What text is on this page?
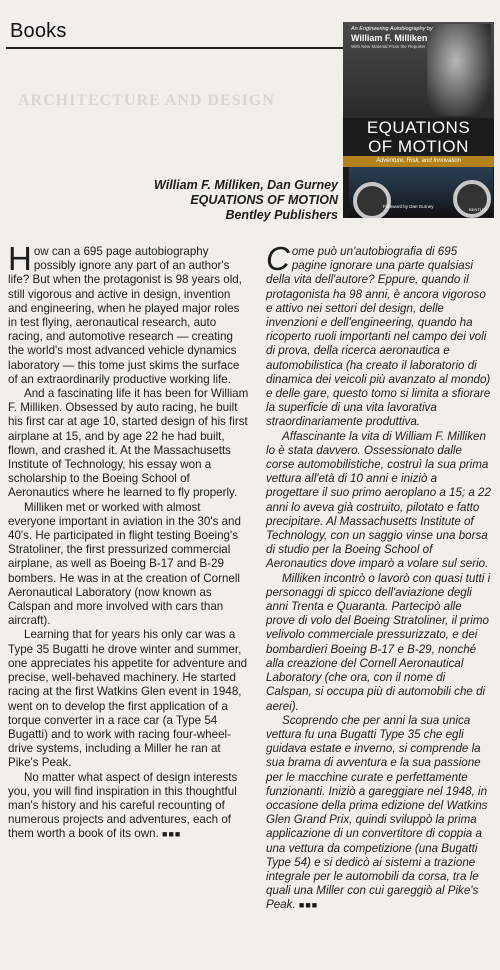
Books
ARCHITECTURE AND DESIGN
William F. Milliken, Dan Gurney
EQUATIONS OF MOTION
Bentley Publishers
An Engineering Autobiography by
William F. Milliken
With New Material From the Reporter
EQUATIONS
OF MOTION
Adventure, Risk, and Innovation
Foreword by Dan Gurney
BENTLEY

How can a 695 page autobiography possibly ignore any part of an author's life? But when the protagonist is 98 years old, still vigorous and active in design, invention and engineering, when he played major roles in test flying, aeronautical research, auto racing, and automotive research — creating the world's most advanced vehicle dynamics laboratory — this tome just skims the surface of an extraordinarily productive working life.

And a fascinating life it has been for William F. Milliken. Obsessed by auto racing, he built his first car at age 10, started design of his first airplane at 15, and by age 22 he had built, flown, and crashed it. At the Massachusetts Institute of Technology, his essay won a scholarship to the Boeing School of Aeronautics where he learned to fly properly.

Milliken met or worked with almost everyone important in aviation in the 30's and 40's. He participated in flight testing Boeing's Stratoliner, the first pressurized commercial airplane, as well as Boeing B-17 and B-29 bombers. He was in at the creation of Cornell Aeronautical Laboratory (now known as Calspan and more involved with cars than aircraft).

Learning that for years his only car was a Type 35 Bugatti he drove winter and summer, one appreciates his appetite for adventure and precise, well-behaved machinery. He started racing at the first Watkins Glen event in 1948, went on to develop the first application of a torque converter in a race car (a Type 54 Bugatti) and to work with racing four-wheel-drive systems, including a Miller he ran at Pike's Peak.

No matter what aspect of design interests you, you will find inspiration in this thoughtful man's history and his careful recounting of numerous projects and adventures, each of them worth a book of its own. ■■■

Come può un'autobiografia di 695 pagine ignorare una parte qualsiasi della vita dell'autore? Eppure, quando il protagonista ha 98 anni, è ancora vigoroso e attivo nei settori del design, delle invenzioni e dell'engineering, quando ha ricoperto ruoli importanti nel campo dei voli di prova, della ricerca aeronautica e automobilistica (ha creato il laboratorio di dinamica dei veicoli più avanzato al mondo) e delle gare, questo tomo si limita a sfiorare la superficie di una vita lavorativa straordinariamente produttiva.

Affascinante la vita di William F. Milliken lo è stata davvero. Ossessionato dalle corse automobilistiche, costruì la sua prima vettura all'età di 10 anni e iniziò a progettare il suo primo aeroplano a 15; a 22 anni lo aveva già costruito, pilotato e fatto precipitare. Al Massachusetts Institute of Technology, con un saggio vinse una borsa di studio per la Boeing School of Aeronautics dove imparò a volare sul serio.

Milliken incontrò o lavorò con quasi tutti i personaggi di spicco dell'aviazione degli anni Trenta e Quaranta. Partecipò alle prove di volo del Boeing Stratoliner, il primo velivolo commerciale pressurizzato, e dei bombardieri Boeing B-17 e B-29, nonché alla creazione del Cornell Aeronautical Laboratory (che ora, con il nome di Calspan, si occupa più di automobili che di aerei).

Scoprendo che per anni la sua unica vettura fu una Bugatti Type 35 che egli guidava estate e inverno, si comprende la sua brama di avventura e la sua passione per le macchine curate e perfettamente funzionanti. Iniziò a gareggiare nel 1948, in occasione della prima edizione del Watkins Glen Grand Prix, quindi sviluppò la prima applicazione di un convertitore di coppia a una vettura da competizione (una Bugatti Type 54) e si dedicò ai sistemi a trazione integrale per le automobili da corsa, tra le quali una Miller con cui gareggiò al Pike's Peak. ■■■
